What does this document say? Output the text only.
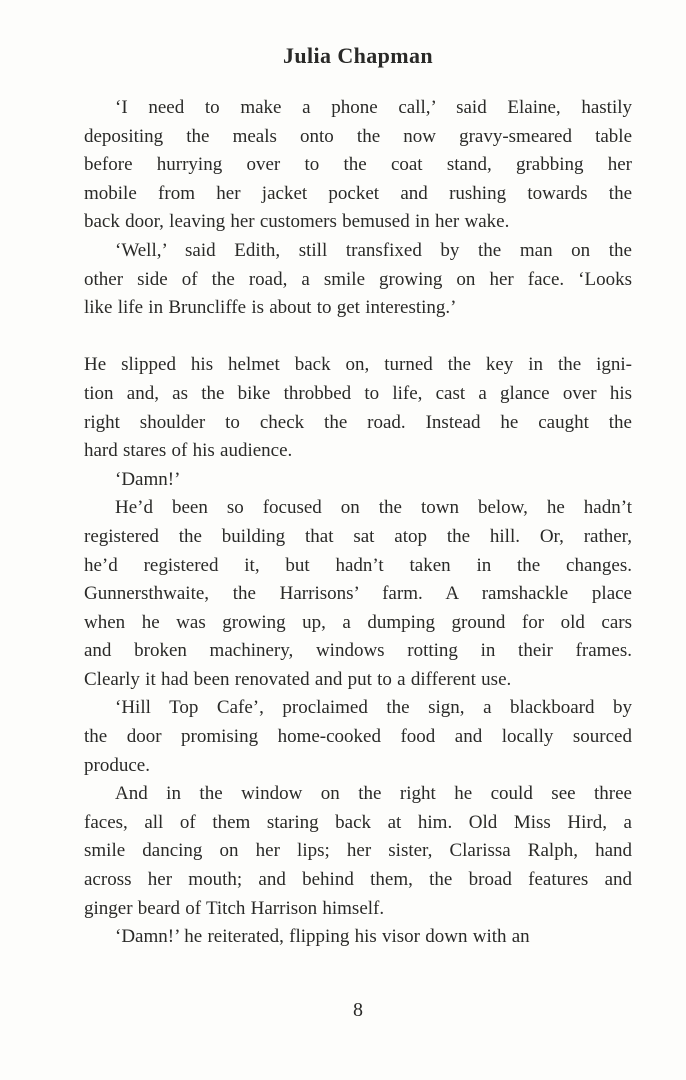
Julia Chapman
‘I need to make a phone call,’ said Elaine, hastily
depositing the meals onto the now gravy-smeared table
before hurrying over to the coat stand, grabbing her
mobile from her jacket pocket and rushing towards the
back door, leaving her customers bemused in her wake.
‘Well,’ said Edith, still transfixed by the man on the
other side of the road, a smile growing on her face. ‘Looks
like life in Bruncliffe is about to get interesting.’
He slipped his helmet back on, turned the key in the igni-
tion and, as the bike throbbed to life, cast a glance over his
right shoulder to check the road. Instead he caught the
hard stares of his audience.
‘Damn!’
He’d been so focused on the town below, he hadn’t
registered the building that sat atop the hill. Or, rather,
he’d registered it, but hadn’t taken in the changes.
Gunnersthwaite, the Harrisons’ farm. A ramshackle place
when he was growing up, a dumping ground for old cars
and broken machinery, windows rotting in their frames.
Clearly it had been renovated and put to a different use.
‘Hill Top Cafe’, proclaimed the sign, a blackboard by
the door promising home-cooked food and locally sourced
produce.
And in the window on the right he could see three
faces, all of them staring back at him. Old Miss Hird, a
smile dancing on her lips; her sister, Clarissa Ralph, hand
across her mouth; and behind them, the broad features and
ginger beard of Titch Harrison himself.
‘Damn!’ he reiterated, flipping his visor down with an
8
